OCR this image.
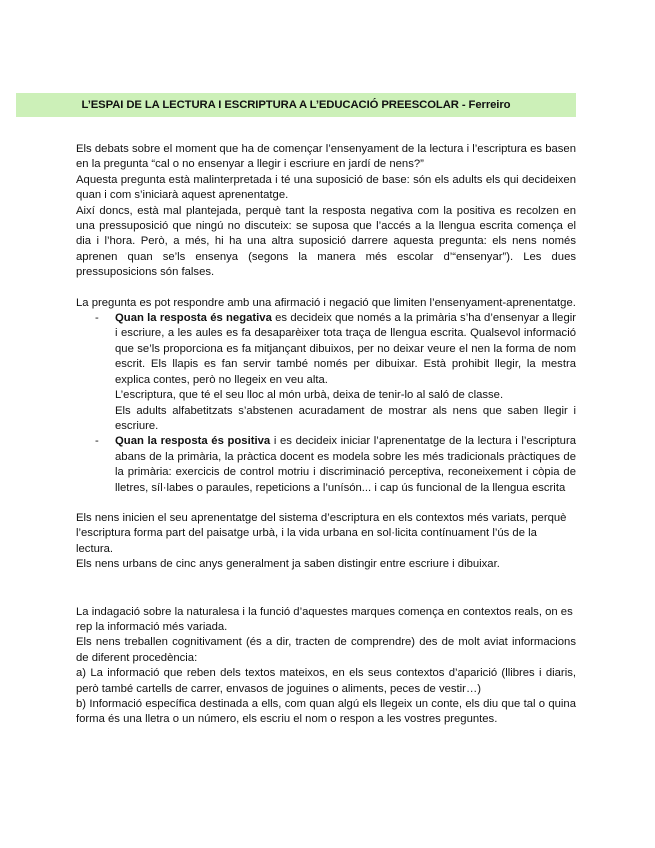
L’ESPAI DE LA LECTURA I ESCRIPTURA A L’EDUCACIÓ PREESCOLAR - Ferreiro

Els debats sobre el moment que ha de començar l’ensenyament de la lectura i l’escriptura es basen en la pregunta “cal o no ensenyar a llegir i escriure en jardí de nens?”

Aquesta pregunta està malinterpretada i té una suposició de base: són els adults els qui decideixen quan i com s’iniciarà aquest aprenentatge.

Així doncs, està mal plantejada, perquè tant la resposta negativa com la positiva es recolzen en una pressuposició que ningú no discuteix: se suposa que l’accés a la llengua escrita comença el dia i l’hora. Però, a més, hi ha una altra suposició darrere aquesta pregunta: els nens només aprenen quan se’ls ensenya (segons la manera més escolar d’“ensenyar”). Les dues pressuposicions són falses.

La pregunta es pot respondre amb una afirmació i negació que limiten l’ensenyament-aprenentatge.

- Quan la resposta és negativa es decideix que només a la primària s’ha d’ensenyar a llegir i escriure, a les aules es fa desaparèixer tota traça de llengua escrita. Qualsevol informació que se’ls proporciona es fa mitjançant dibuixos, per no deixar veure el nen la forma de nom escrit. Els llapis es fan servir també només per dibuixar. Està prohibit llegir, la mestra explica contes, però no llegeix en veu alta.

L’escriptura, que té el seu lloc al món urbà, deixa de tenir-lo al saló de classe.

Els adults alfabetitzats s’abstenen acuradament de mostrar als nens que saben llegir i escriure.

- Quan la resposta és positiva i es decideix iniciar l’aprenentatge de la lectura i l’escriptura abans de la primària, la pràctica docent es modela sobre les més tradicionals pràctiques de la primària: exercicis de control motriu i discriminació perceptiva, reconeixement i còpia de lletres, síl·labes o paraules, repeticions a l’unísón... i cap ús funcional de la llengua escrita

Els nens inicien el seu aprenentatge del sistema d’escriptura en els contextos més variats, perquè l’escriptura forma part del paisatge urbà, i la vida urbana en sol·licita contínuament l’ús de la lectura.

Els nens urbans de cinc anys generalment ja saben distingir entre escriure i dibuixar.

La indagació sobre la naturalesa i la funció d’aquestes marques comença en contextos reals, on es rep la informació més variada.

Els nens treballen cognitivament (és a dir, tracten de comprendre) des de molt aviat informacions de diferent procedència:

a) La informació que reben dels textos mateixos, en els seus contextos d’aparició (llibres i diaris, però també cartells de carrer, envasos de joguines o aliments, peces de vestir…)

b) Informació específica destinada a ells, com quan algú els llegeix un conte, els diu que tal o quina forma és una lletra o un número, els escriu el nom o respon a les vostres preguntes.
